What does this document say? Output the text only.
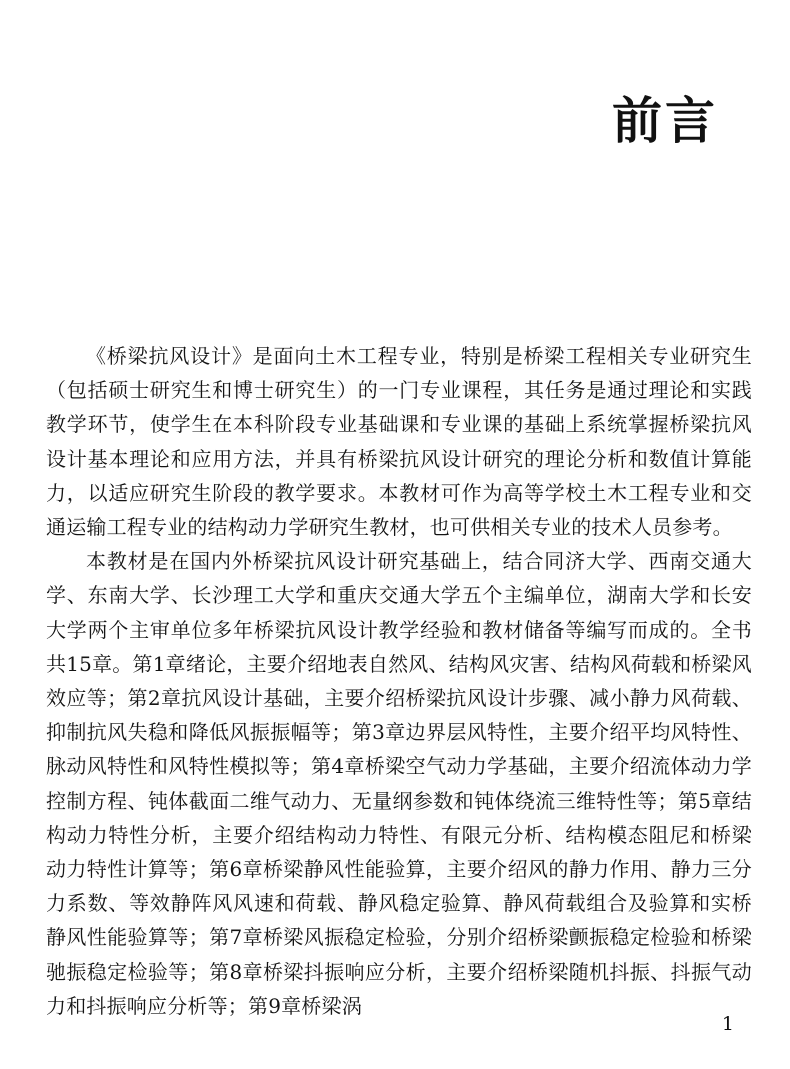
前言

《桥梁抗风设计》是面向土木工程专业，特别是桥梁工程相关专业研究生（包括硕士研究生和博士研究生）的一门专业课程，其任务是通过理论和实践教学环节，使学生在本科阶段专业基础课和专业课的基础上系统掌握桥梁抗风设计基本理论和应用方法，并具有桥梁抗风设计研究的理论分析和数值计算能力，以适应研究生阶段的教学要求。本教材可作为高等学校土木工程专业和交通运输工程专业的结构动力学研究生教材，也可供相关专业的技术人员参考。

本教材是在国内外桥梁抗风设计研究基础上，结合同济大学、西南交通大学、东南大学、长沙理工大学和重庆交通大学五个主编单位，湖南大学和长安大学两个主审单位多年桥梁抗风设计教学经验和教材储备等编写而成的。全书共15章。第1章绪论，主要介绍地表自然风、结构风灾害、结构风荷载和桥梁风效应等；第2章抗风设计基础，主要介绍桥梁抗风设计步骤、减小静力风荷载、抑制抗风失稳和降低风振振幅等；第3章边界层风特性，主要介绍平均风特性、脉动风特性和风特性模拟等；第4章桥梁空气动力学基础，主要介绍流体动力学控制方程、钝体截面二维气动力、无量纲参数和钝体绕流三维特性等；第5章结构动力特性分析，主要介绍结构动力特性、有限元分析、结构模态阻尼和桥梁动力特性计算等；第6章桥梁静风性能验算，主要介绍风的静力作用、静力三分力系数、等效静阵风风速和荷载、静风稳定验算、静风荷载组合及验算和实桥静风性能验算等；第7章桥梁风振稳定检验，分别介绍桥梁颤振稳定检验和桥梁驰振稳定检验等；第8章桥梁抖振响应分析，主要介绍桥梁随机抖振、抖振气动力和抖振响应分析等；第9章桥梁涡

1
